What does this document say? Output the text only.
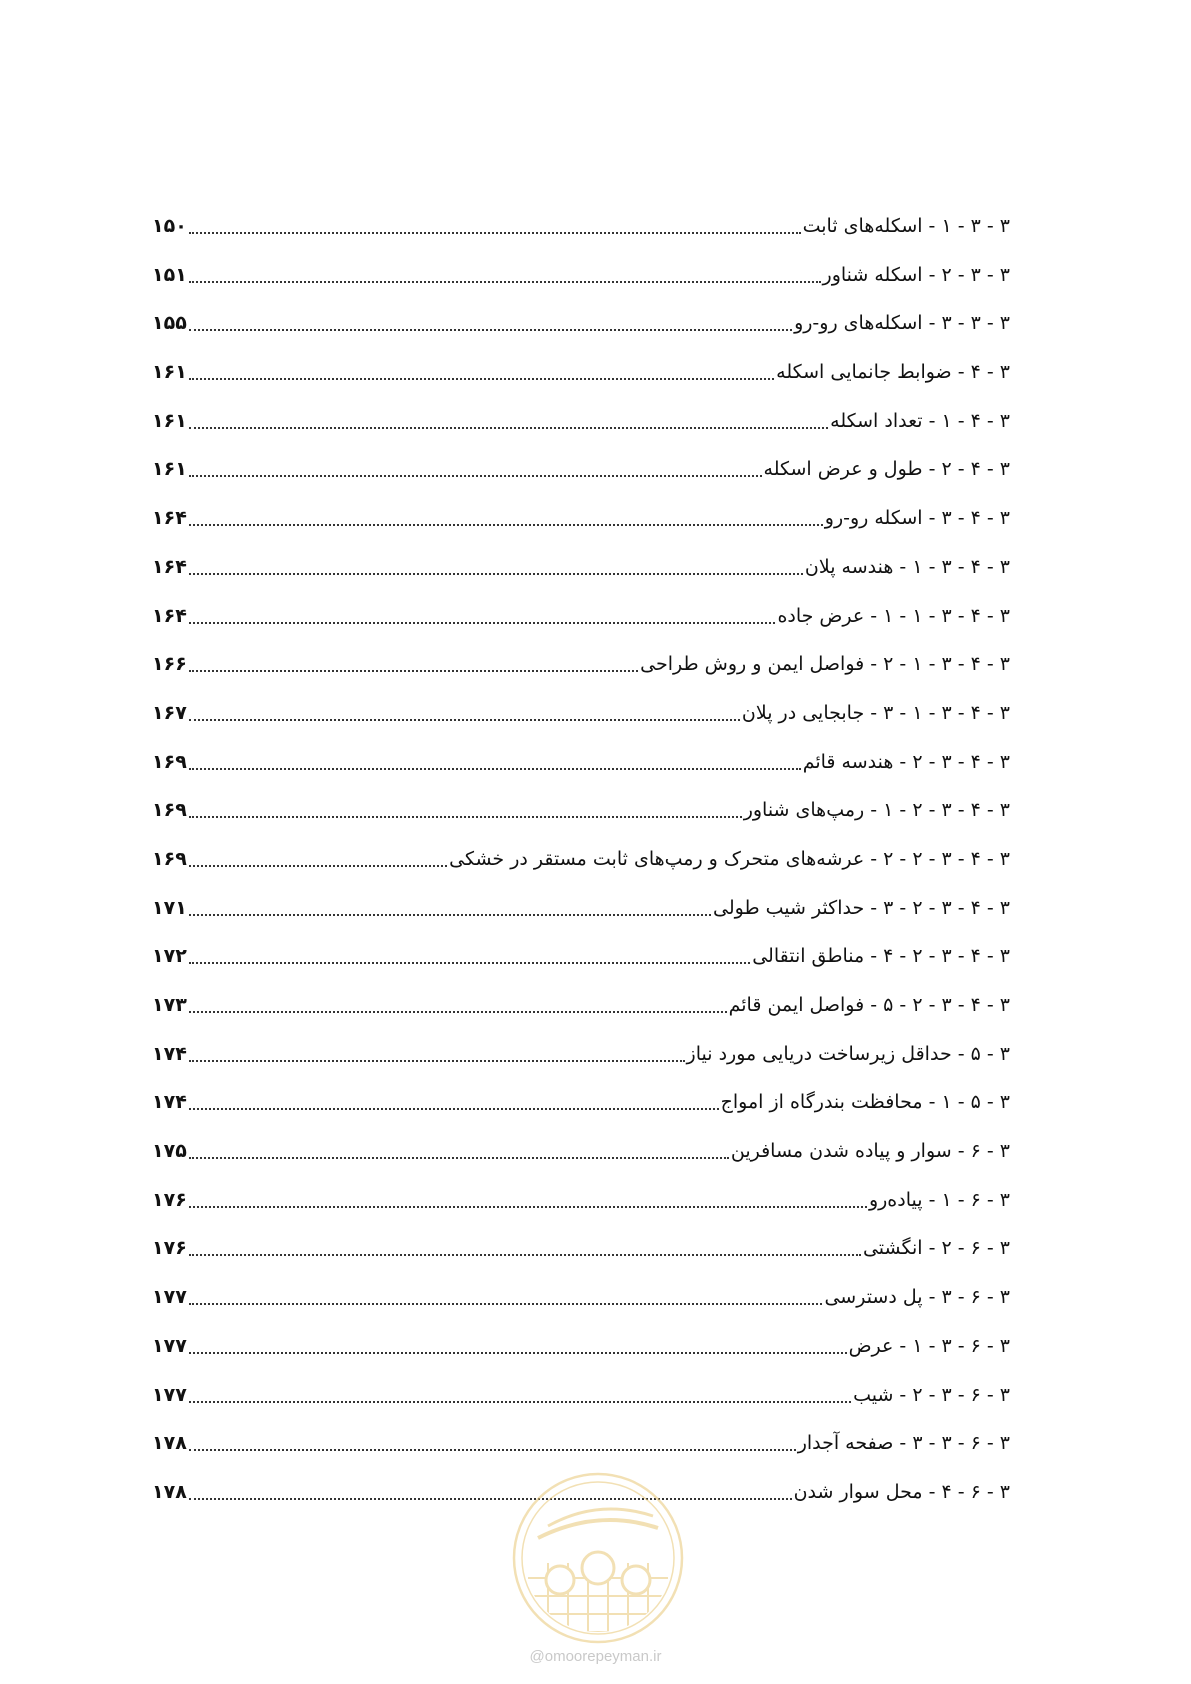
۳ - ۳ - ۱ - اسکله‌های ثابت
۱۵۰
۳ - ۳ - ۲ - اسکله شناور
۱۵۱
۳ - ۳ - ۳ - اسکله‌های رو-رو
۱۵۵
۳ - ۴ - ضوابط جانمایی اسکله
۱۶۱
۳ - ۴ - ۱ - تعداد اسکله
۱۶۱
۳ - ۴ - ۲ - طول و عرض اسکله
۱۶۱
۳ - ۴ - ۳ - اسکله رو-رو
۱۶۴
۳ - ۴ - ۳ - ۱ - هندسه پلان
۱۶۴
۳ - ۴ - ۳ - ۱ - ۱ - عرض جاده
۱۶۴
۳ - ۴ - ۳ - ۱ - ۲ - فواصل ایمن و روش طراحی
۱۶۶
۳ - ۴ - ۳ - ۱ - ۳ - جابجایی در پلان
۱۶۷
۳ - ۴ - ۳ - ۲ - هندسه قائم
۱۶۹
۳ - ۴ - ۳ - ۲ - ۱ - رمپ‌های شناور
۱۶۹
۳ - ۴ - ۳ - ۲ - ۲ - عرشه‌های متحرک و رمپ‌های ثابت مستقر در خشکی
۱۶۹
۳ - ۴ - ۳ - ۲ - ۳ - حداکثر شیب طولی
۱۷۱
۳ - ۴ - ۳ - ۲ - ۴ - مناطق انتقالی
۱۷۲
۳ - ۴ - ۳ - ۲ - ۵ - فواصل ایمن قائم
۱۷۳
۳ - ۵ - حداقل زیرساخت دریایی مورد نیاز
۱۷۴
۳ - ۵ - ۱ - محافظت بندرگاه از امواج
۱۷۴
۳ - ۶ - سوار و پیاده شدن مسافرین
۱۷۵
۳ - ۶ - ۱ - پیاده‌رو
۱۷۶
۳ - ۶ - ۲ - انگشتی
۱۷۶
۳ - ۶ - ۳ - پل دسترسی
۱۷۷
۳ - ۶ - ۳ - ۱ - عرض
۱۷۷
۳ - ۶ - ۳ - ۲ - شیب
۱۷۷
۳ - ۶ - ۳ - ۳ - صفحه آجدار
۱۷۸
۳ - ۶ - ۴ - محل سوار شدن
۱۷۸
@omoorepeyman.ir
